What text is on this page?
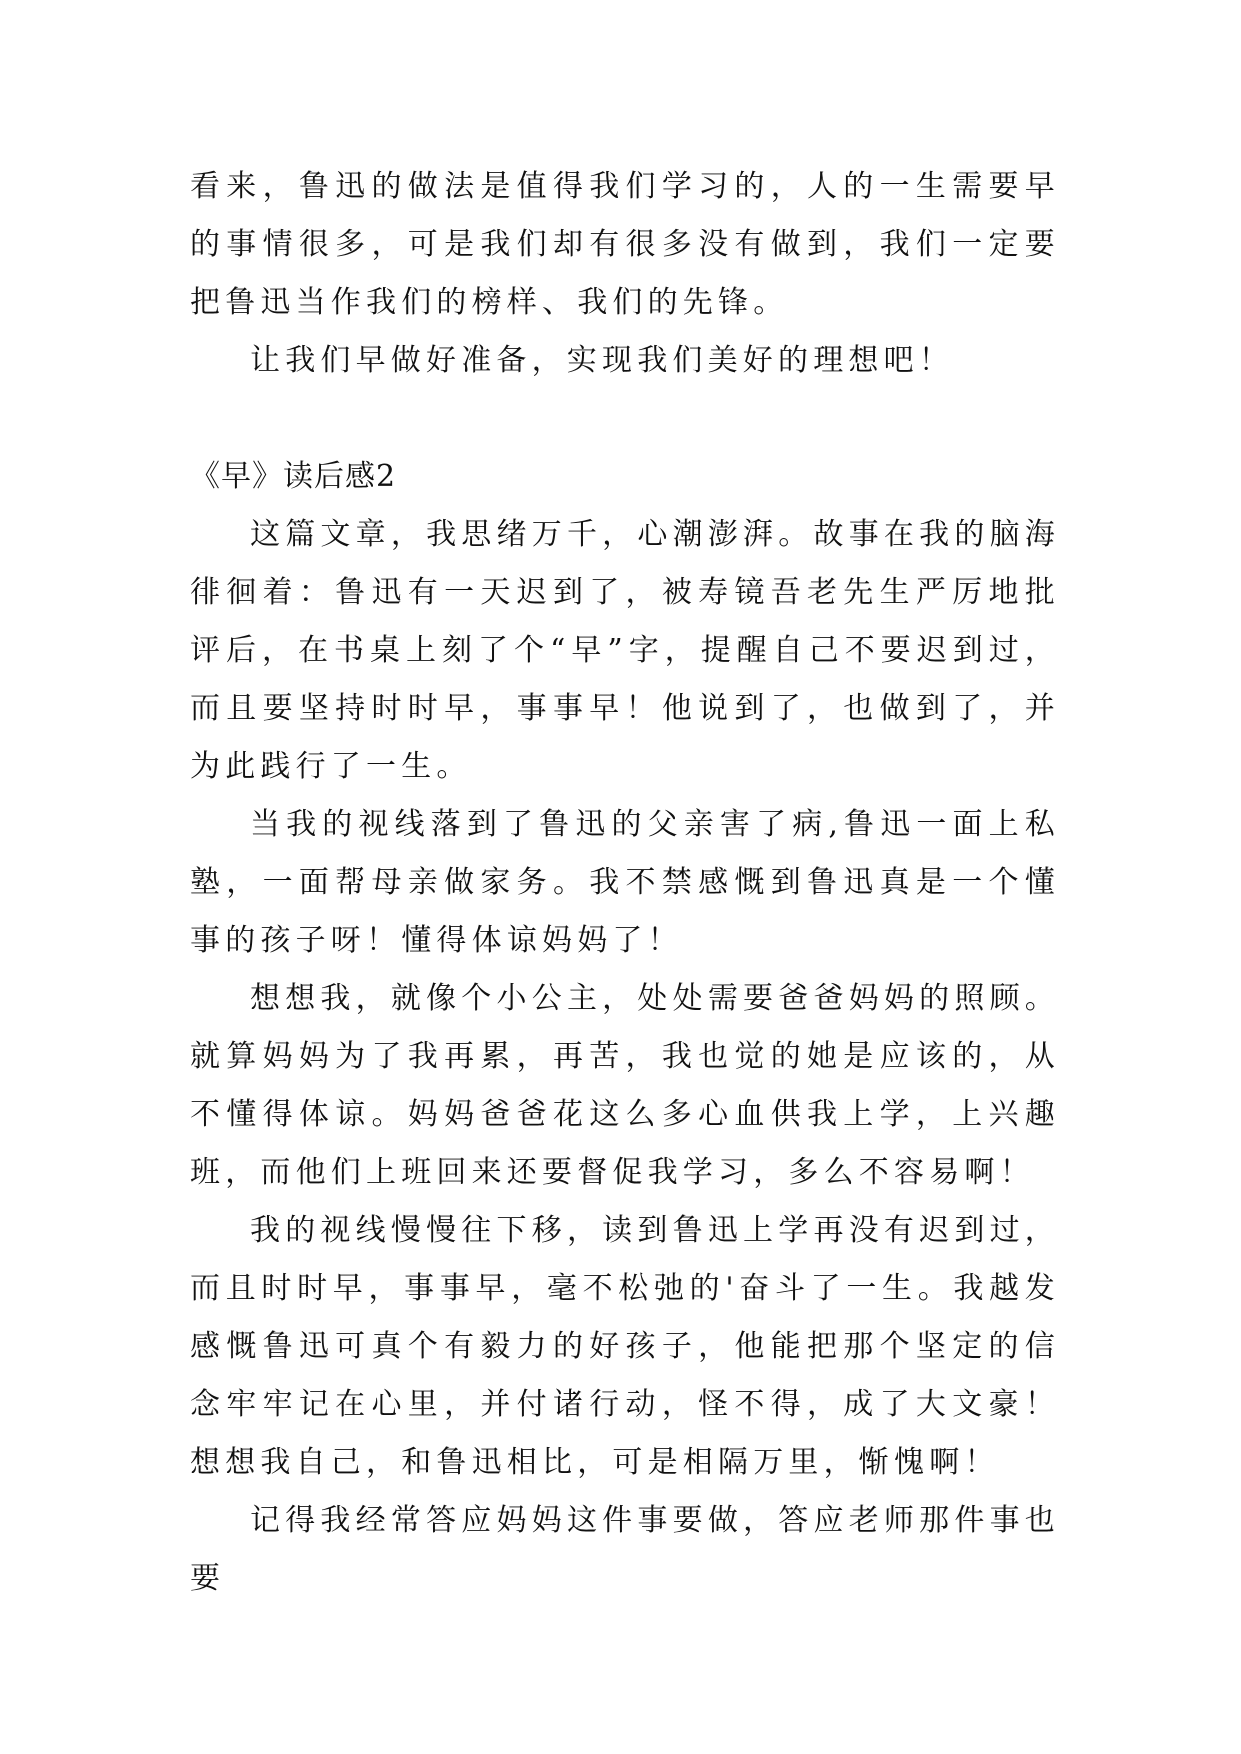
看来，鲁迅的做法是值得我们学习的，人的一生需要早的事情很多，可是我们却有很多没有做到，我们一定要把鲁迅当作我们的榜样、我们的先锋。

让我们早做好准备，实现我们美好的理想吧！

《早》读后感2

这篇文章，我思绪万千，心潮澎湃。故事在我的脑海徘徊着：鲁迅有一天迟到了，被寿镜吾老先生严厉地批评后，在书桌上刻了个“早”字，提醒自己不要迟到过，而且要坚持时时早，事事早！他说到了，也做到了，并为此践行了一生。

当我的视线落到了鲁迅的父亲害了病,鲁迅一面上私塾，一面帮母亲做家务。我不禁感慨到鲁迅真是一个懂事的孩子呀！懂得体谅妈妈了！

想想我，就像个小公主，处处需要爸爸妈妈的照顾。就算妈妈为了我再累，再苦，我也觉的她是应该的，从不懂得体谅。妈妈爸爸花这么多心血供我上学，上兴趣班，而他们上班回来还要督促我学习，多么不容易啊！

我的视线慢慢往下移，读到鲁迅上学再没有迟到过，而且时时早，事事早，毫不松弛的'奋斗了一生。我越发感慨鲁迅可真个有毅力的好孩子，他能把那个坚定的信念牢牢记在心里，并付诸行动，怪不得，成了大文豪！想想我自己，和鲁迅相比，可是相隔万里，惭愧啊！

记得我经常答应妈妈这件事要做，答应老师那件事也要
